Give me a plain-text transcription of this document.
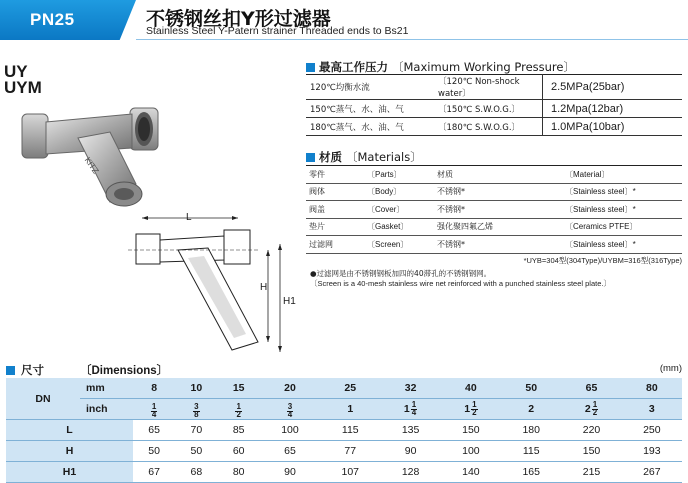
PN25	不锈钢丝扣Y形过滤器
Stainless Steel Y-Patern strainer Threaded ends to Bs21
UY
UYM
KITZ
L
H
H1
最高工作压力 〔Maximum Working Pressure〕
120℃均衡水流	〔120℃ Non-shock water〕	2.5MPa(25bar)
150℃蒸气、水、油、气	〔150℃ S.W.O.G.〕	1.2Mpa(12bar)
180℃蒸气、水、油、气	〔180℃ S.W.O.G.〕	1.0MPa(10bar)
材质 〔Materials〕
零件	〔Parts〕	材质	〔Material〕
阀体	〔Body〕	不锈钢*	〔Stainless steel〕*
阀盖	〔Cover〕	不锈钢*	〔Stainless steel〕*
垫片	〔Gasket〕	强化聚四氟乙烯	〔Ceramics PTFE〕
过滤网	〔Screen〕	不锈钢*	〔Stainless steel〕*
*UYB=304型(304Type)/UYBM=316型(316Type)
●过滤网是由不锈钢钢板加四的40滞孔的不锈钢钢网。
〔Screen is a 40-mesh stainless wire net reinforced with a punched stainless steel plate.〕
尺寸	〔Dimensions〕	(mm)
DN	mm	8	10	15	20	25	32	40	50	65	80
	inch	$\frac{1}{4}$	$\frac{3}{8}$	$\frac{1}{2}$	$\frac{3}{4}$	1	$1 \frac{1}{4}$	$1 \frac{1}{2}$	2	$2 \frac{1}{2}$	3

L		65	70	85	100	115	135	150	180	220	250
H		50	50	60	65	77	90	100	115	150	193
H1		67	68	80	90	107	128	140	165	215	267
